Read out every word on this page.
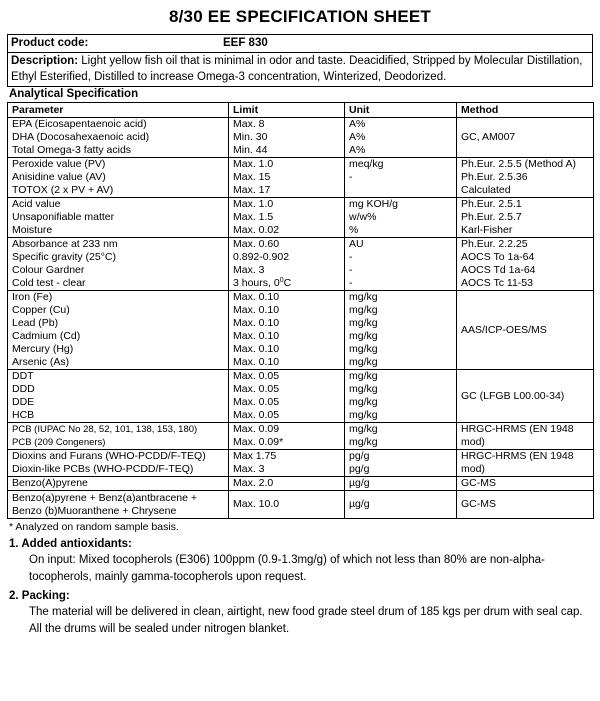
8/30 EE SPECIFICATION SHEET
Product code:	EEF 830
Description: Light yellow fish oil that is minimal in odor and taste. Deacidified, Stripped by Molecular Distillation, Ethyl Esterified, Distilled to increase Omega-3 concentration, Winterized, Deodorized.
Analytical Specification
Parameter	Limit	Unit	Method
EPA (Eicosapentaenoic acid)	Max. 8	A%	GC, AM007
DHA (Docosahexaenoic acid)	Min. 30	A%	
Total Omega-3 fatty acids	Min. 44	A%	
Peroxide value (PV)	Max. 1.0	meq/kg	Ph.Eur. 2.5.5 (Method A)
Anisidine value (AV)	Max. 15	-	Ph.Eur. 2.5.36
TOTOX (2 x PV + AV)	Max. 17		Calculated
Acid value	Max. 1.0	mg KOH/g	Ph.Eur. 2.5.1
Unsaponifiable matter	Max. 1.5	w/w%	Ph.Eur. 2.5.7
Moisture	Max. 0.02	%	Karl-Fisher
Absorbance at 233 nm	Max. 0.60	AU	Ph.Eur. 2.2.25
Specific gravity (25°C)	0.892-0.902	-	AOCS To 1a-64
Colour Gardner	Max. 3	-	AOCS Td 1a-64
Cold test - clear	3 hours, $0^0C$	-	AOCS Tc 11-53
Iron (Fe)	Max. 0.10	mg/kg	AAS/ICP-OES/MS
Copper (Cu)	Max. 0.10	mg/kg	
Lead (Pb)	Max. 0.10	mg/kg	
Cadmium (Cd)	Max. 0.10	mg/kg	
Mercury (Hg)	Max. 0.10	mg/kg	
Arsenic (As)	Max. 0.10	mg/kg	
DDT	Max. 0.05	mg/kg	GC (LFGB L00.00-34)
DDD	Max. 0.05	mg/kg	
DDE	Max. 0.05	mg/kg	
HCB	Max. 0.05	mg/kg	
PCB (IUPAC No 28, 52, 101, 138, 153, 180)	Max. 0.09	mg/kg	HRGC-HRMS (EN 1948 mod)
PCB (209 Congeners)	Max. 0.09*	mg/kg	
Dioxins and Furans (WHO-PCDD/F-TEQ)	Max 1.75	pg/g	HRGC-HRMS (EN 1948 mod)
Dioxin-like PCBs (WHO-PCDD/F-TEQ)	Max. 3	pg/g	
Benzo(A)pyrene	Max. 2.0	µg/g	GC-MS
Benzo(a)pyrene + Benz(a)antbracene + Benzo (b)Muoranthene + Chrysene	Max. 10.0	µg/g	GC-MS
* Analyzed on random sample basis.
1. Added antioxidants:
On input: Mixed tocopherols (E306) 100ppm (0.9-1.3mg/g) of which not less than 80% are non-alpha-tocopherols, mainly gamma-tocopherols upon request.
2. Packing:
The material will be delivered in clean, airtight, new food grade steel drum of 185 kgs per drum with seal cap. All the drums will be sealed under nitrogen blanket.
